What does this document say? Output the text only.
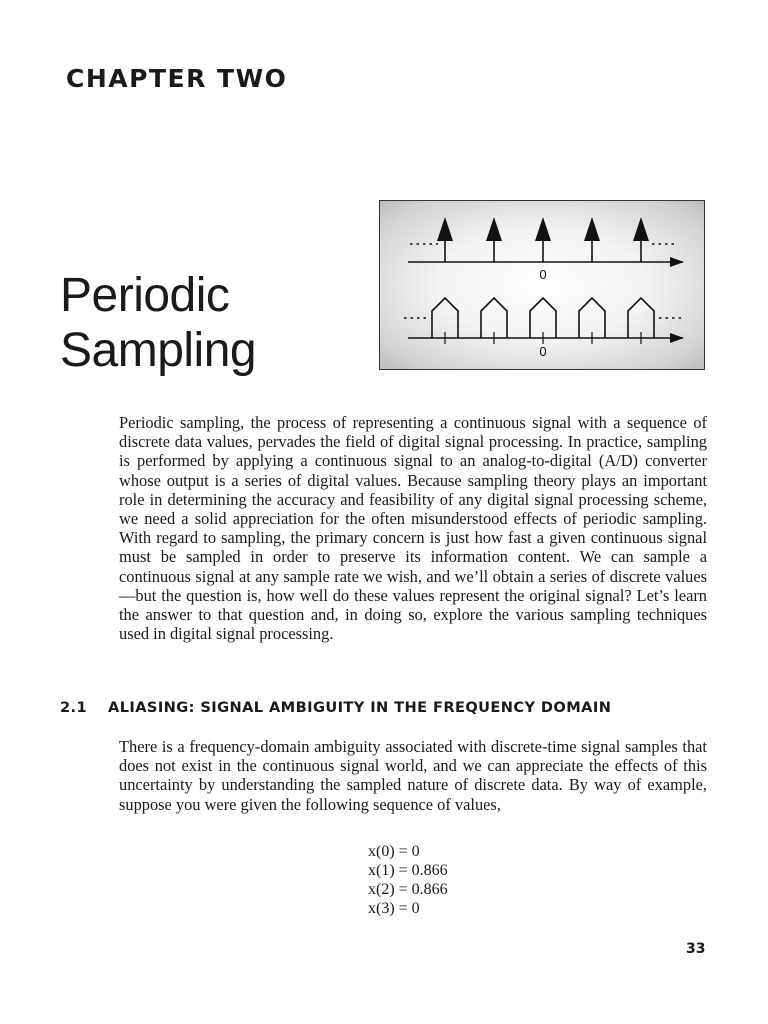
CHAPTER TWO
Periodic
Sampling
0
0

Periodic sampling, the process of representing a continuous signal with a sequence of discrete data values, pervades the field of digital signal processing. In practice, sampling is performed by applying a continuous signal to an analog-to-digital (A/D) converter whose output is a series of digital values. Because sampling theory plays an important role in determining the accuracy and feasibility of any digital signal processing scheme, we need a solid appreciation for the often misunderstood effects of periodic sampling. With regard to sampling, the primary concern is just how fast a given continuous signal must be sampled in order to preserve its information content. We can sample a continuous signal at any sample rate we wish, and we’ll obtain a series of discrete values—but the question is, how well do these values represent the original signal? Let’s learn the answer to that question and, in doing so, explore the various sampling techniques used in digital signal processing.

2.1 ALIASING: SIGNAL AMBIGUITY IN THE FREQUENCY DOMAIN

There is a frequency-domain ambiguity associated with discrete-time signal samples that does not exist in the continuous signal world, and we can appreciate the effects of this uncertainty by understanding the sampled nature of discrete data. By way of example, suppose you were given the following sequence of values,

x(0) = 0
x(1) = 0.866
x(2) = 0.866
x(3) = 0
33
